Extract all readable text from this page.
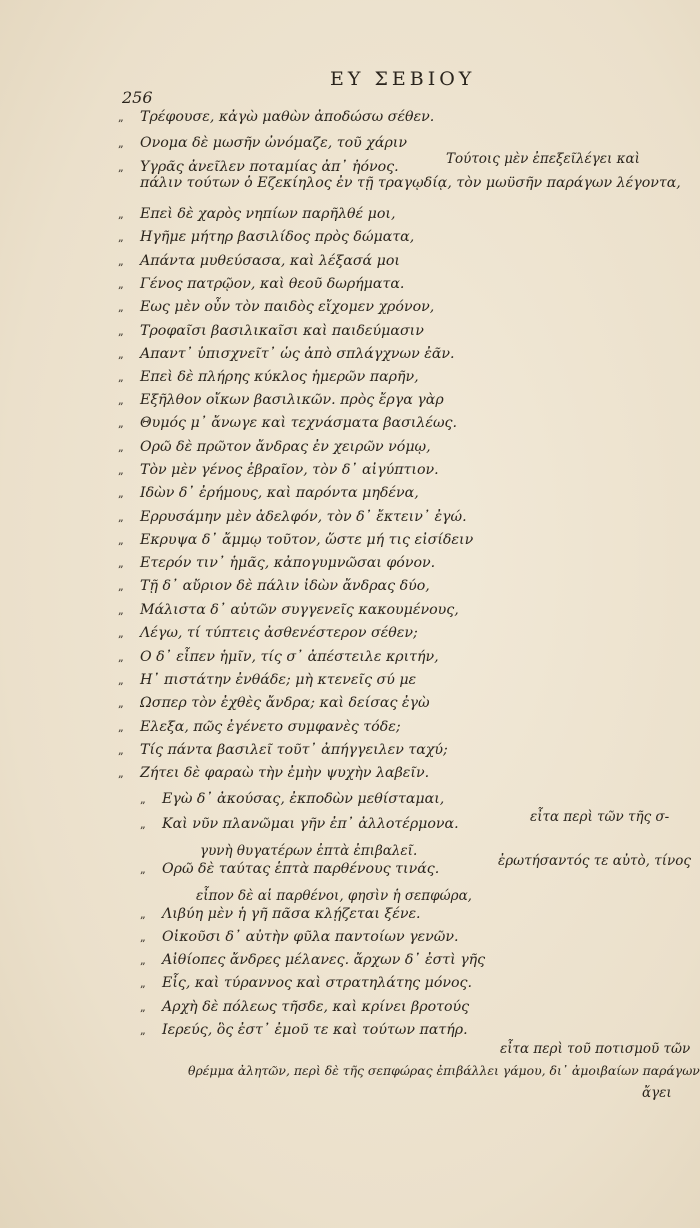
ΕΥ ΣΕΒΙΟΥ
256
„ Τρέφουσε, κἀγὼ μαθὼν ἀποδώσω σέθεν.
„ Ονομα δὲ μωσῆν ὠνόμαζε, τοῦ χάριν
„ Υγρᾶς ἀνεῖλεν ποταμίας ἀπ᾽ ἠόνος.
„ Επεὶ δὲ χαρὸς νηπίων παρῆλθέ μοι,
„ Ηγῆμε μήτηρ βασιλίδος πρὸς δώματα,
„ Απάντα μυθεύσασα, καὶ λέξασά μοι
„ Γένος πατρῷον, καὶ θεοῦ δωρήματα.
„ Εως μὲν οὖν τὸν παιδὸς εἴχομεν χρόνον,
„ Τροφαῖσι βασιλικαῖσι καὶ παιδεύμασιν
„ Απαντ᾽ ὑπισχνεῖτ᾽ ὡς ἀπὸ σπλάγχνων ἐᾶν.
„ Επεὶ δὲ πλήρης κύκλος ἡμερῶν παρῆν,
„ Εξῆλθον οἴκων βασιλικῶν. πρὸς ἔργα γὰρ
„ Θυμός μ᾽ ἄνωγε καὶ τεχνάσματα βασιλέως.
„ Ορῶ δὲ πρῶτον ἄνδρας ἐν χειρῶν νόμῳ,
„ Τὸν μὲν γένος ἑβραῖον, τὸν δ᾽ αἰγύπτιον.
„ Ιδὼν δ᾽ ἐρήμους, καὶ παρόντα μηδένα,
„ Ερρυσάμην μὲν ἀδελφόν, τὸν δ᾽ ἔκτειν᾽ ἐγώ.
„ Εκρυψα δ᾽ ἄμμῳ τοῦτον, ὥστε μή τις εἰσίδειν
„ Ετερόν τιν᾽ ἡμᾶς, κἀπογυμνῶσαι φόνον.
„ Τῇ δ᾽ αὔριον δὲ πάλιν ἰδὼν ἄνδρας δύο,
„ Μάλιστα δ᾽ αὐτῶν συγγενεῖς κακουμένους,
„ Λέγω, τί τύπτεις ἀσθενέστερον σέθεν;
„ Ο δ᾽ εἶπεν ἡμῖν, τίς σ᾽ ἀπέστειλε κριτήν,
„ Η᾽ πιστάτην ἐνθάδε; μὴ κτενεῖς σύ με
„ Ωσπερ τὸν ἐχθὲς ἄνδρα; καὶ δείσας ἐγὼ
„ Ελεξα, πῶς ἐγένετο συμφανὲς τόδε;
„ Τίς πάντα βασιλεῖ τοῦτ᾽ ἀπήγγειλεν ταχύ;
„ Ζήτει δὲ φαραὼ τὴν ἐμὴν ψυχὴν λαβεῖν.
„ Εγὼ δ᾽ ἀκούσας, ἐκποδὼν μεθίσταμαι,
„ Καὶ νῦν πλανῶμαι γῆν ἐπ᾽ ἀλλοτέρμονα.
„ Ορῶ δὲ ταύτας ἑπτὰ παρθένους τινάς.
„ Λιβύη μὲν ἡ γῆ πᾶσα κλῄζεται ξένε.
„ Οἰκοῦσι δ᾽ αὐτὴν φῦλα παντοίων γενῶν.
„ Αἰθίοπες ἄνδρες μέλανες. ἄρχων δ᾽ ἐστὶ γῆς
„ Εἷς, καὶ τύραννος καὶ στρατηλάτης μόνος.
„ Αρχὴ δὲ πόλεως τῆσδε, καὶ κρίνει βροτούς
„ Ιερεύς, ὃς ἐστ᾽ ἐμοῦ τε καὶ τούτων πατήρ.
πάλιν τούτων ὁ Εζεκίηλος ἐν τῇ τραγῳδίᾳ, τὸν μωϋσῆν παράγων λέγοντα,
γυνὴ θυγατέρων ἐπτὰ ἐπιβαλεῖ.
εἶπον δὲ αἱ παρθένοι, φησὶν ἡ σεπφώρα,
θρέμμα ἀλητῶν, περὶ δὲ τῆς σεπφώρας ἐπιβάλλει γάμου, δι᾽ ἀμοιβαίων παράγων
Τούτοις μὲν ἐπεξεῖλέγει καὶ
εἶτα περὶ τῶν τῆς σ-
ἐρωτήσαντός τε αὐτὸ, τίνος
εἶτα περὶ τοῦ ποτισμοῦ τῶν
ἄγει
